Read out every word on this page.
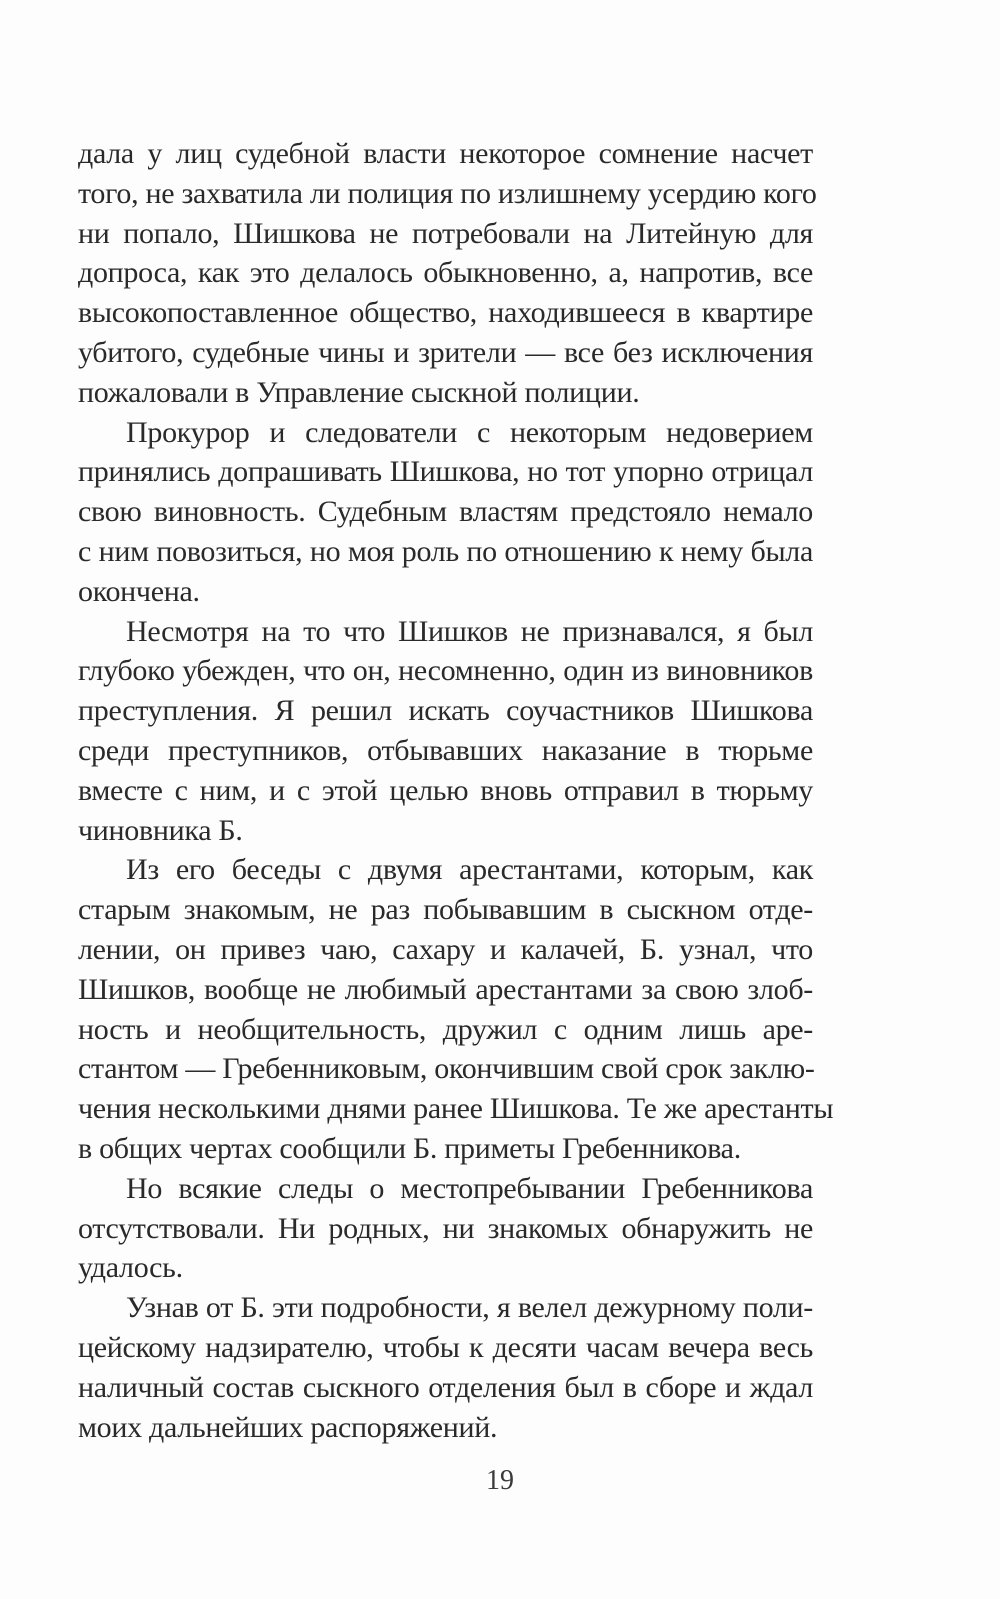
дала у лиц судебной власти некоторое сомнение насчет
того, не захватила ли полиция по излишнему усердию кого
ни попало, Шишкова не потребовали на Литейную для
допроса, как это делалось обыкновенно, а, напротив, все
высокопоставленное общество, находившееся в квартире
убитого, судебные чины и зрители — все без исключения
пожаловали в Управление сыскной полиции.

Прокурор и следователи с некоторым недоверием
принялись допрашивать Шишкова, но тот упорно отрицал
свою виновность. Судебным властям предстояло немало
с ним повозиться, но моя роль по отношению к нему была
окончена.

Несмотря на то что Шишков не признавался, я был
глубоко убежден, что он, несомненно, один из виновников
преступления. Я решил искать соучастников Шишкова
среди преступников, отбывавших наказание в тюрьме
вместе с ним, и с этой целью вновь отправил в тюрьму
чиновника Б.

Из его беседы с двумя арестантами, которым, как
старым знакомым, не раз побывавшим в сыскном отде-
лении, он привез чаю, сахару и калачей, Б. узнал, что
Шишков, вообще не любимый арестантами за свою злоб-
ность и необщительность, дружил с одним лишь аре-
стантом — Гребенниковым, окончившим свой срок заклю-
чения несколькими днями ранее Шишкова. Те же арестанты
в общих чертах сообщили Б. приметы Гребенникова.

Но всякие следы о местопребывании Гребенникова
отсутствовали. Ни родных, ни знакомых обнаружить не
удалось.

Узнав от Б. эти подробности, я велел дежурному поли-
цейскому надзирателю, чтобы к десяти часам вечера весь
наличный состав сыскного отделения был в сборе и ждал
моих дальнейших распоряжений.

19
